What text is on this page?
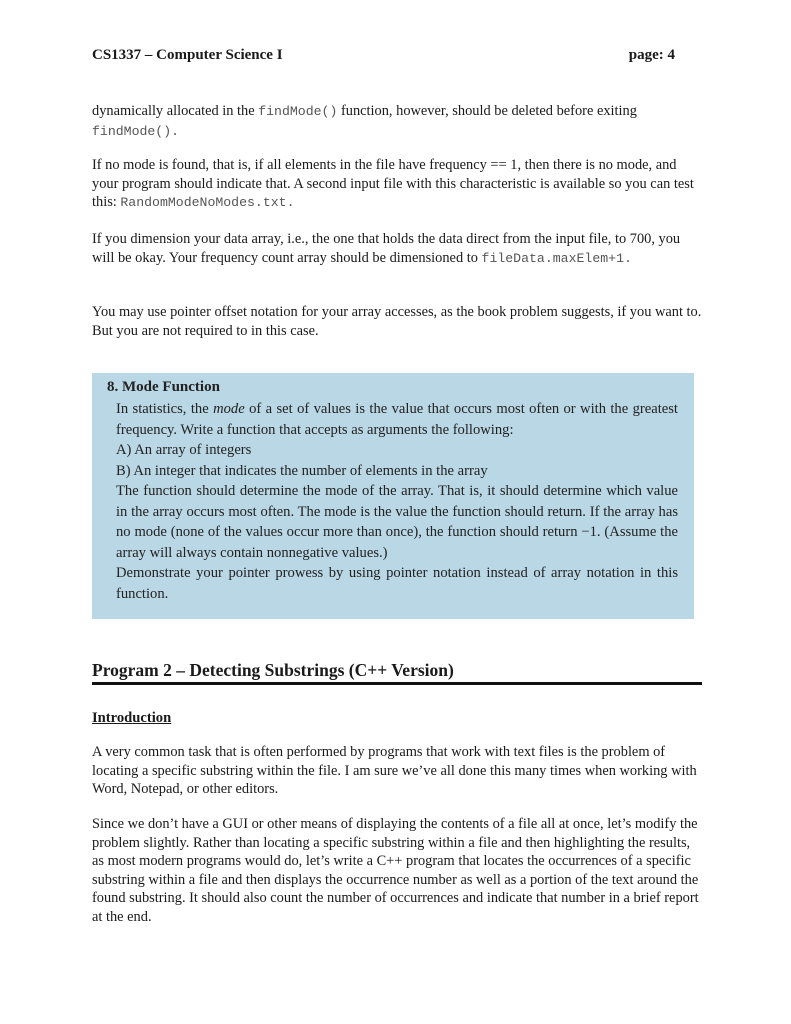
CS1337 – Computer Science I	page: 4

dynamically allocated in the findMode() function, however, should be deleted before exiting findMode().

If no mode is found, that is, if all elements in the file have frequency == 1, then there is no mode, and your program should indicate that. A second input file with this characteristic is available so you can test this: RandomModeNoModes.txt.

If you dimension your data array, i.e., the one that holds the data direct from the input file, to 700, you will be okay. Your frequency count array should be dimensioned to fileData.maxElem+1.

You may use pointer offset notation for your array accesses, as the book problem suggests, if you want to. But you are not required to in this case.
8. Mode Function

In statistics, the mode of a set of values is the value that occurs most often or with the greatest frequency. Write a function that accepts as arguments the following:

A) An array of integers

B) An integer that indicates the number of elements in the array

The function should determine the mode of the array. That is, it should determine which value in the array occurs most often. The mode is the value the function should return. If the array has no mode (none of the values occur more than once), the function should return −1. (Assume the array will always contain nonnegative values.)

Demonstrate your pointer prowess by using pointer notation instead of array notation in this function.

Program 2 – Detecting Substrings (C++ Version)
Introduction
A very common task that is often performed by programs that work with text files is the problem of locating a specific substring within the file. I am sure we’ve all done this many times when working with Word, Notepad, or other editors.
Since we don’t have a GUI or other means of displaying the contents of a file all at once, let’s modify the problem slightly. Rather than locating a specific substring within a file and then highlighting the results, as most modern programs would do, let’s write a C++ program that locates the occurrences of a specific substring within a file and then displays the occurrence number as well as a portion of the text around the found substring. It should also count the number of occurrences and indicate that number in a brief report at the end.
